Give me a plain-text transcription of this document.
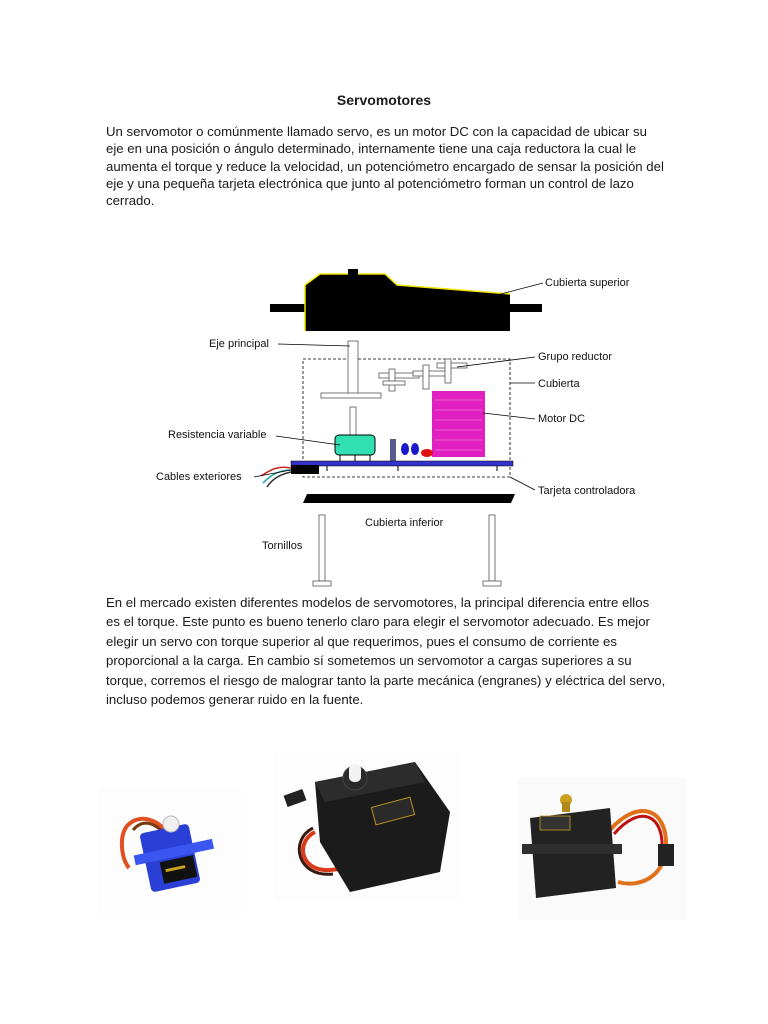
Servomotores

Un servomotor o comúnmente llamado servo, es un motor DC con la capacidad de ubicar su eje en una posición o ángulo determinado, internamente tiene una caja reductora la cual le aumenta el torque y reduce la velocidad, un potenciómetro encargado de sensar la posición del eje y una pequeña tarjeta electrónica que junto al potenciómetro forman un control de lazo cerrado.

Cubierta superior
Eje principal
Grupo reductor
Cubierta
Motor DC
Resistencia variable
Cables exteriores
Tarjeta controladora
Cubierta inferior
Tornillos

En el mercado existen diferentes modelos de servomotores, la principal diferencia entre ellos es el torque. Este punto es bueno tenerlo claro para elegir el servomotor adecuado. Es mejor elegir un servo con torque superior al que requerimos, pues el consumo de corriente es proporcional a la carga. En cambio sí sometemos un servomotor a cargas superiores a su torque, corremos el riesgo de malograr tanto la parte mecánica (engranes) y eléctrica del servo, incluso podemos generar ruido en la fuente.
